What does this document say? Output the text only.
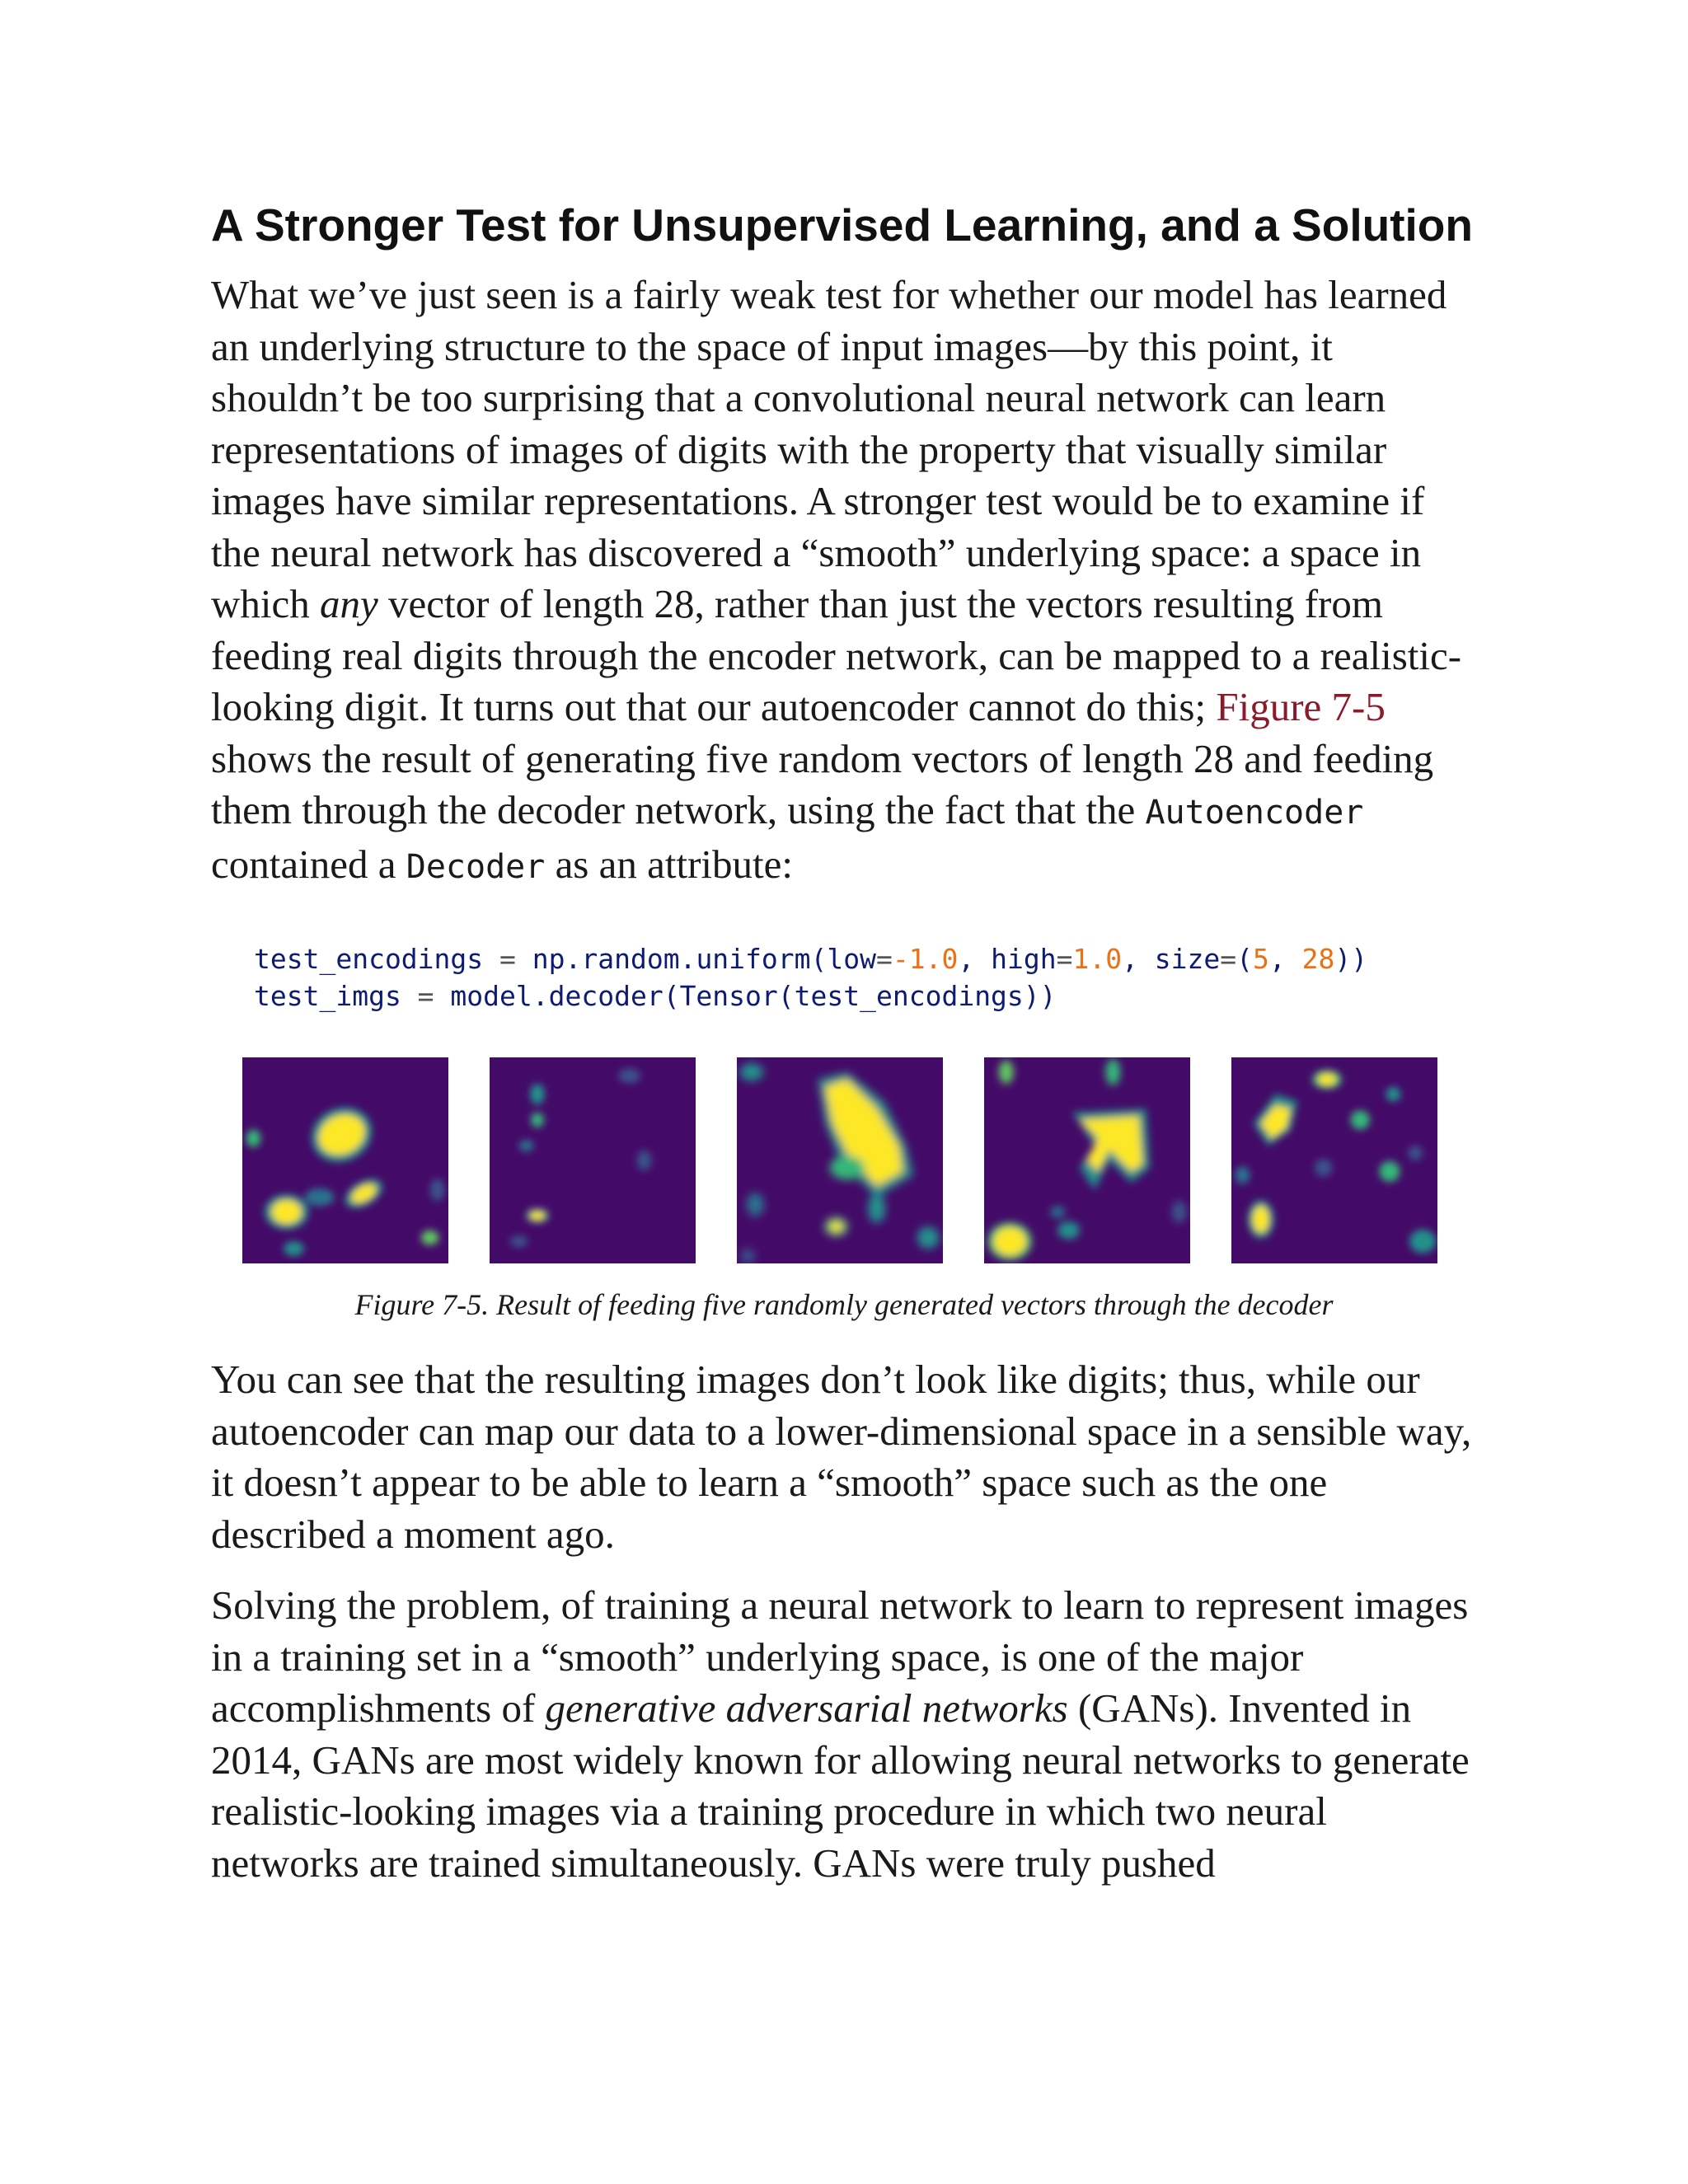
A Stronger Test for Unsupervised Learning, and a Solution

What we’ve just seen is a fairly weak test for whether our model has learned an underlying structure to the space of input images—by this point, it shouldn’t be too surprising that a convolutional neural network can learn representations of images of digits with the property that visually similar images have similar representations. A stronger test would be to examine if the neural network has discovered a “smooth” underlying space: a space in which any vector of length 28, rather than just the vectors resulting from feeding real digits through the encoder network, can be mapped to a realistic-looking digit. It turns out that our autoencoder cannot do this; Figure 7-5 shows the result of generating five random vectors of length 28 and feeding them through the decoder network, using the fact that the Autoencoder contained a Decoder as an attribute:

test_encodings = np.random.uniform(low=-1.0, high=1.0, size=(5, 28))
test_imgs = model.decoder(Tensor(test_encodings))

Figure 7-5. Result of feeding five randomly generated vectors through the decoder

You can see that the resulting images don’t look like digits; thus, while our autoencoder can map our data to a lower-dimensional space in a sensible way, it doesn’t appear to be able to learn a “smooth” space such as the one described a moment ago.

Solving the problem, of training a neural network to learn to represent images in a training set in a “smooth” underlying space, is one of the major accomplishments of generative adversarial networks (GANs). Invented in 2014, GANs are most widely known for allowing neural networks to generate realistic-looking images via a training procedure in which two neural networks are trained simultaneously. GANs were truly pushed
